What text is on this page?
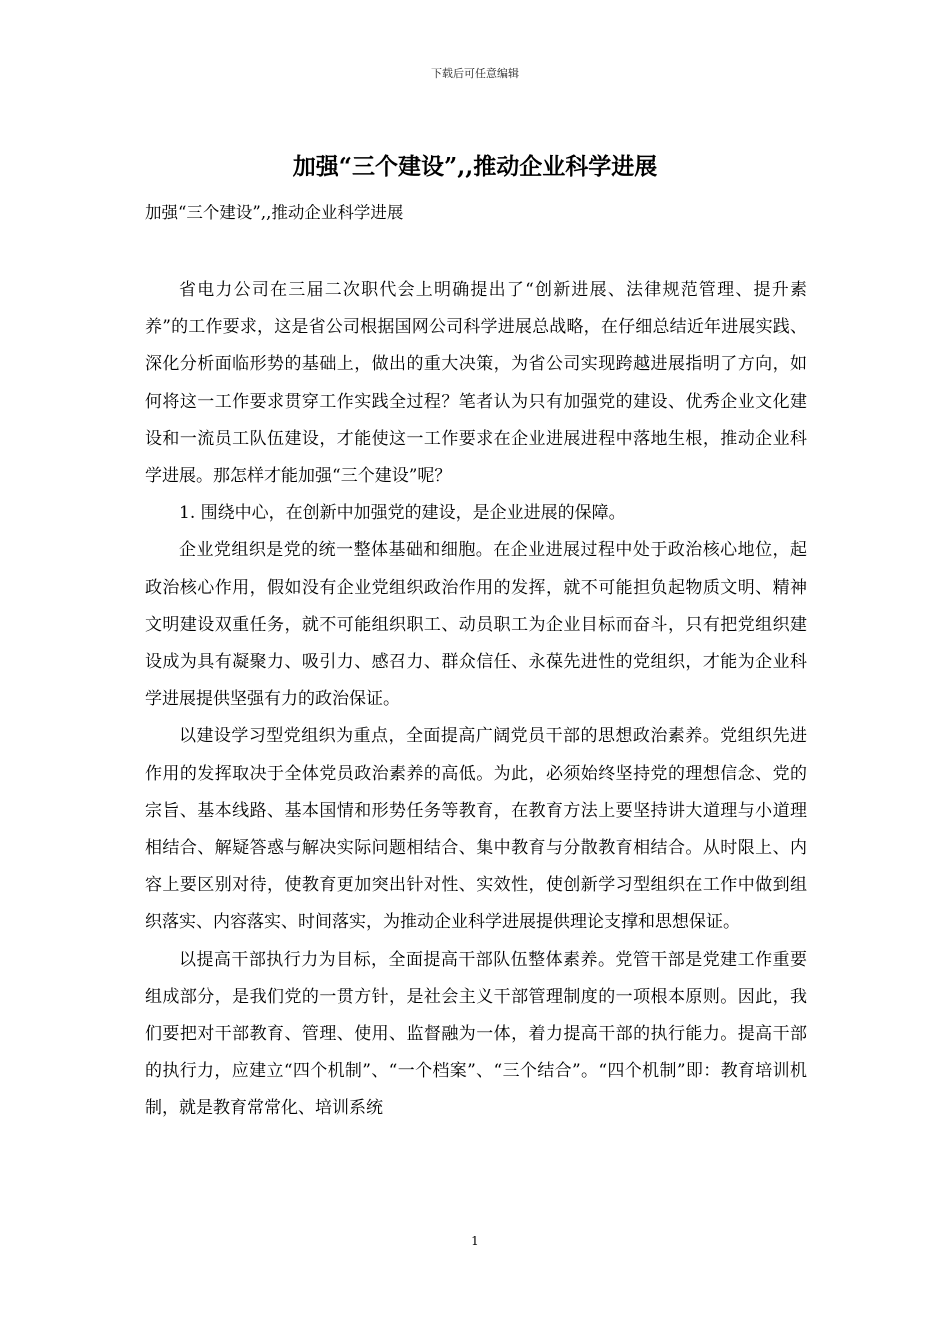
下载后可任意编辑
加强“三个建设”,,推动企业科学进展
加强“三个建设”,,推动企业科学进展

省电力公司在三届二次职代会上明确提出了“创新进展、法律规范管理、提升素养”的工作要求，这是省公司根据国网公司科学进展总战略，在仔细总结近年进展实践、深化分析面临形势的基础上，做出的重大决策，为省公司实现跨越进展指明了方向，如何将这一工作要求贯穿工作实践全过程？笔者认为只有加强党的建设、优秀企业文化建设和一流员工队伍建设，才能使这一工作要求在企业进展进程中落地生根，推动企业科学进展。那怎样才能加强“三个建设”呢？

1. 围绕中心，在创新中加强党的建设，是企业进展的保障。

企业党组织是党的统一整体基础和细胞。在企业进展过程中处于政治核心地位，起政治核心作用，假如没有企业党组织政治作用的发挥，就不可能担负起物质文明、精神文明建设双重任务，就不可能组织职工、动员职工为企业目标而奋斗，只有把党组织建设成为具有凝聚力、吸引力、感召力、群众信任、永葆先进性的党组织，才能为企业科学进展提供坚强有力的政治保证。

以建设学习型党组织为重点，全面提高广阔党员干部的思想政治素养。党组织先进作用的发挥取决于全体党员政治素养的高低。为此，必须始终坚持党的理想信念、党的宗旨、基本线路、基本国情和形势任务等教育，在教育方法上要坚持讲大道理与小道理相结合、解疑答惑与解决实际问题相结合、集中教育与分散教育相结合。从时限上、内容上要区别对待，使教育更加突出针对性、实效性，使创新学习型组织在工作中做到组织落实、内容落实、时间落实，为推动企业科学进展提供理论支撑和思想保证。

以提高干部执行力为目标，全面提高干部队伍整体素养。党管干部是党建工作重要组成部分，是我们党的一贯方针，是社会主义干部管理制度的一项根本原则。因此，我们要把对干部教育、管理、使用、监督融为一体，着力提高干部的执行能力。提高干部的执行力，应建立“四个机制”、“一个档案”、“三个结合”。“四个机制”即：教育培训机制，就是教育常常化、培训系统

1
